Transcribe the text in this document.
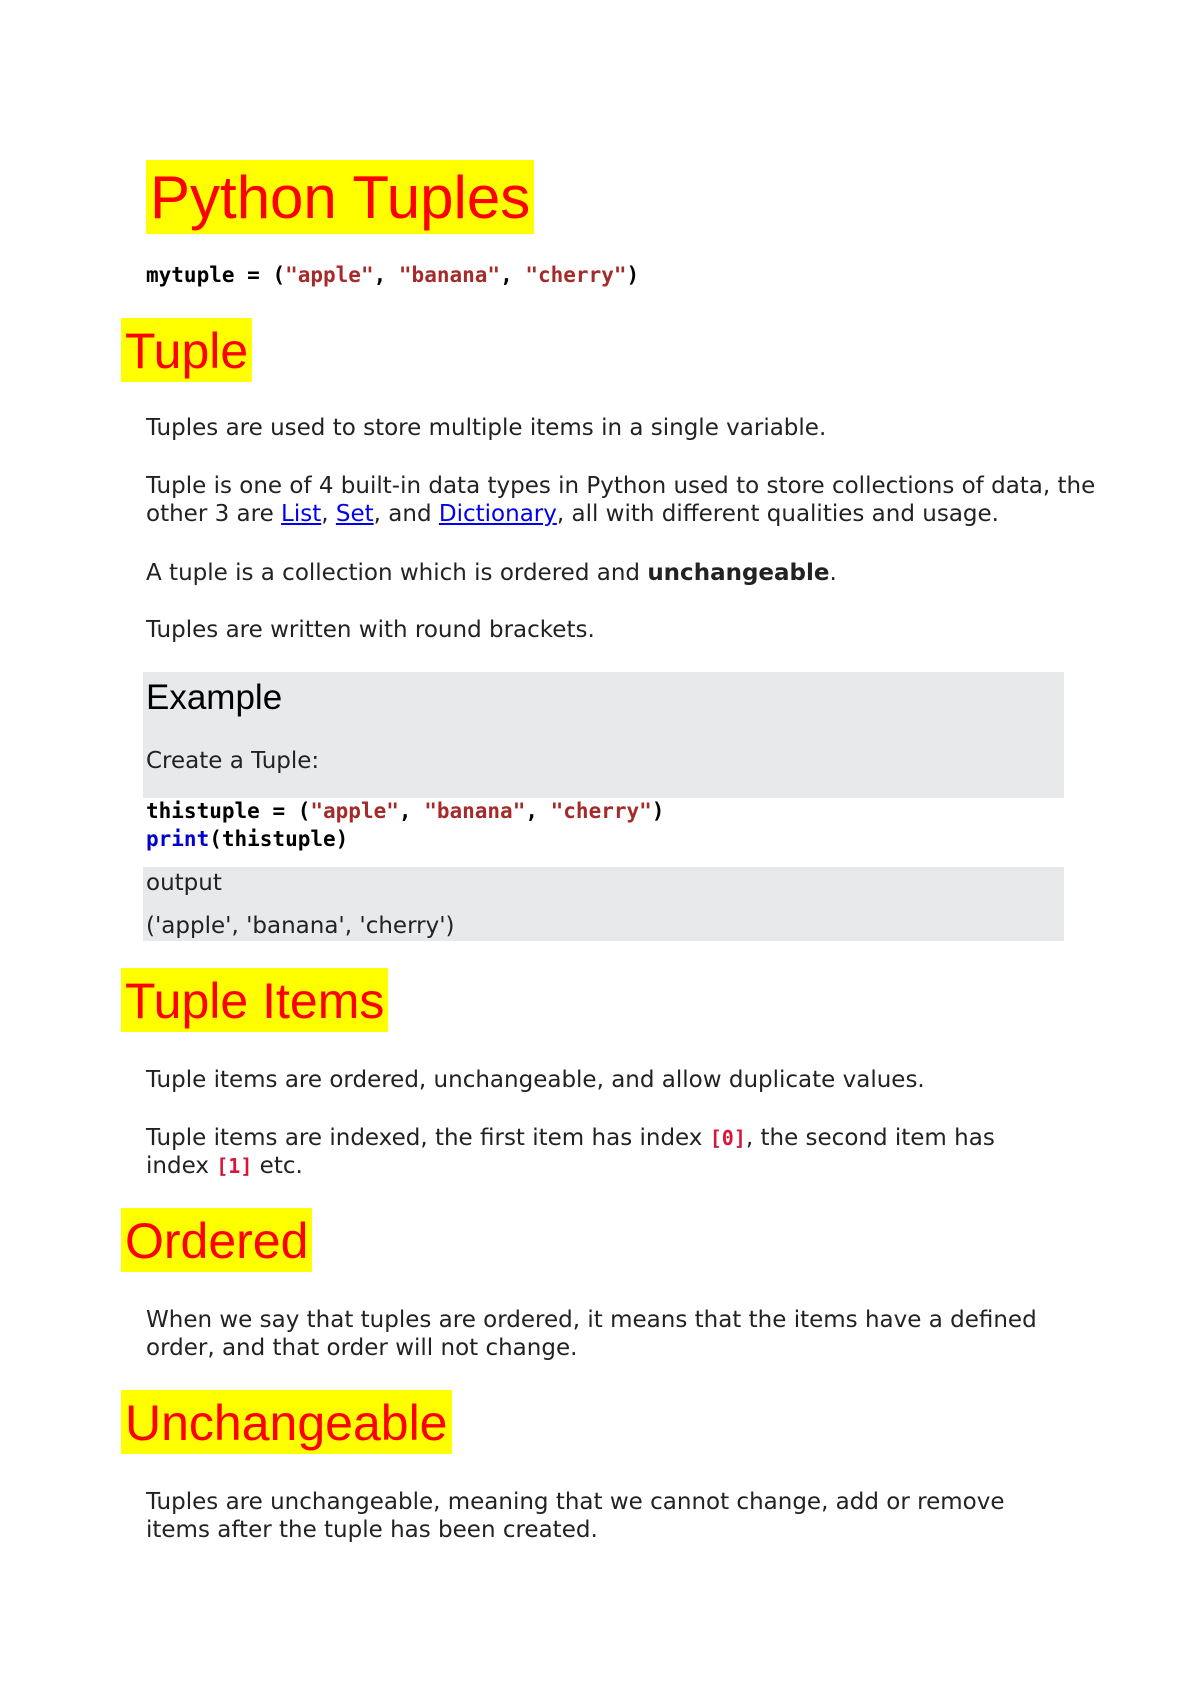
Python Tuples
mytuple = ("apple", "banana", "cherry")
Tuple

Tuples are used to store multiple items in a single variable.

Tuple is one of 4 built-in data types in Python used to store collections of data, the other 3 are List, Set, and Dictionary, all with different qualities and usage.

A tuple is a collection which is ordered and unchangeable.

Tuples are written with round brackets.

Example
Create a Tuple:
thistuple = ("apple", "banana", "cherry")
print(thistuple)
output
('apple', 'banana', 'cherry')
Tuple Items

Tuple items are ordered, unchangeable, and allow duplicate values.

Tuple items are indexed, the first item has index [0], the second item has index [1] etc.

Ordered

When we say that tuples are ordered, it means that the items have a defined order, and that order will not change.

Unchangeable

Tuples are unchangeable, meaning that we cannot change, add or remove items after the tuple has been created.
